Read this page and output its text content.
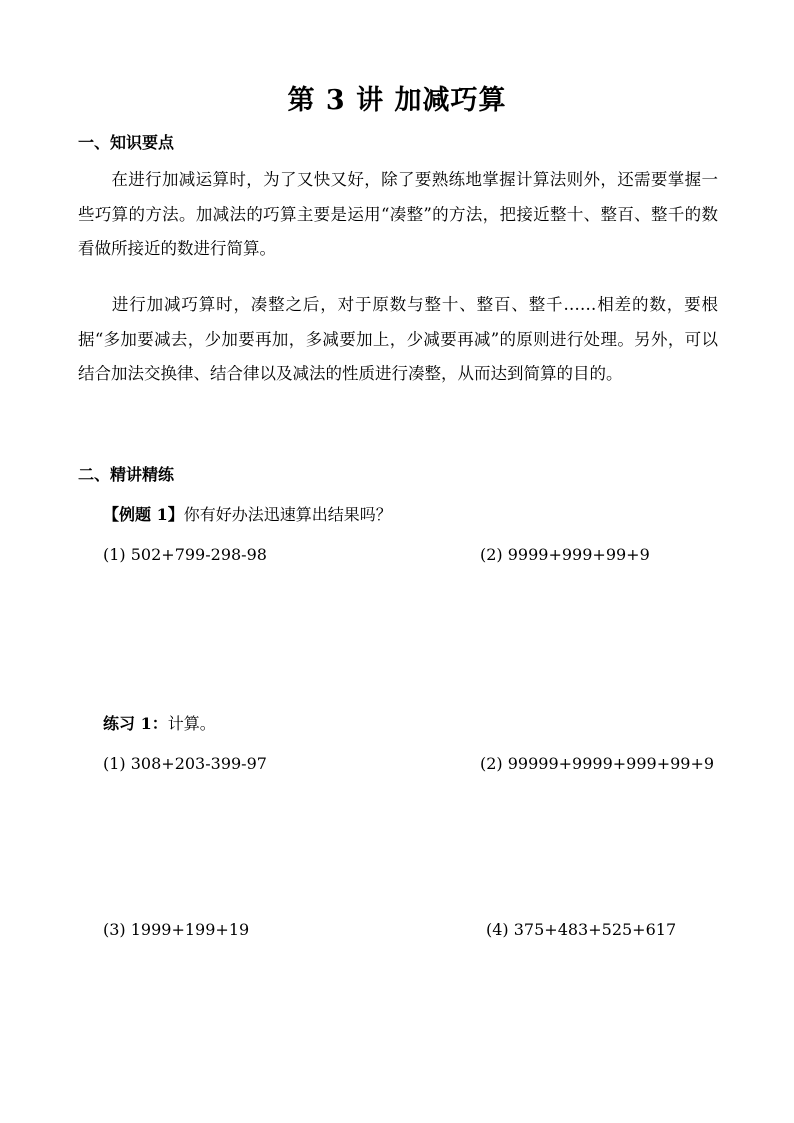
第 3 讲 加减巧算
一、知识要点
在进行加减运算时，为了又快又好，除了要熟练地掌握计算法则外，还需要掌握一些巧算的方法。加减法的巧算主要是运用“凑整”的方法，把接近整十、整百、整千的数看做所接近的数进行简算。
进行加减巧算时，凑整之后，对于原数与整十、整百、整千……相差的数，要根据“多加要减去，少加要再加，多减要加上，少减要再减”的原则进行处理。另外，可以结合加法交换律、结合律以及减法的性质进行凑整，从而达到简算的目的。
二、精讲精练
【例题 1】你有好办法迅速算出结果吗？
(1) 502+799-298-98	(2) 9999+999+99+9
练习 1：计算。
(1) 308+203-399-97	(2) 99999+9999+999+99+9
(3) 1999+199+19	(4) 375+483+525+617
